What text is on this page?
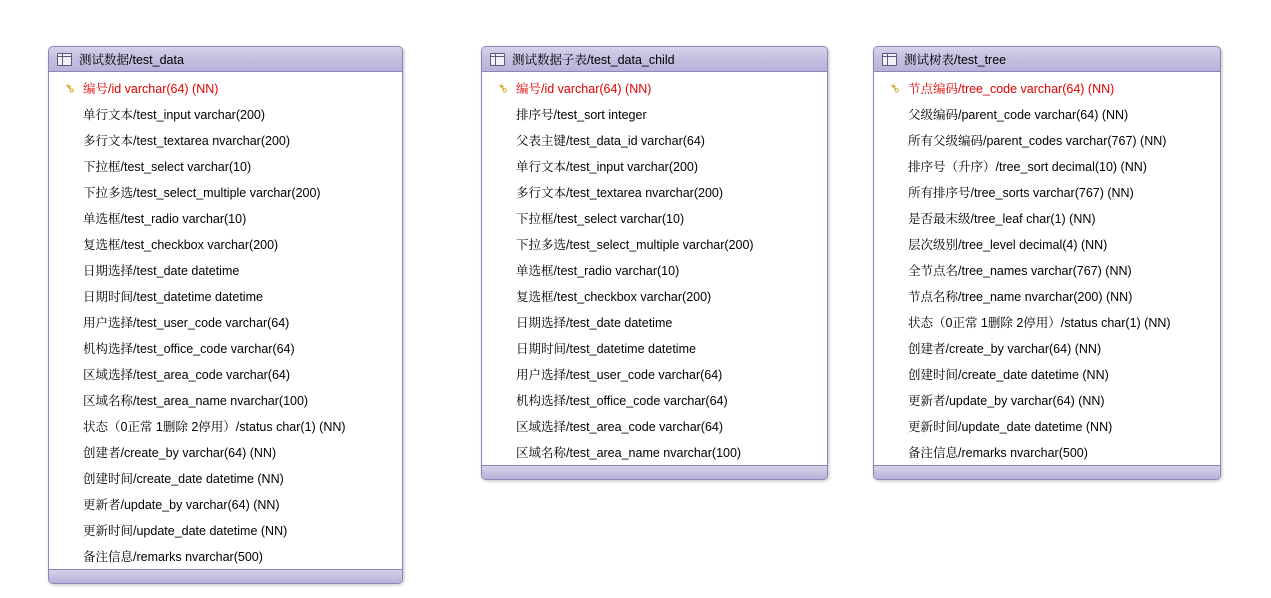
测试数据/test_data
⚷ 编号/id varchar(64) (NN)
单行文本/test_input varchar(200)
多行文本/test_textarea nvarchar(200)
下拉框/test_select varchar(10)
下拉多选/test_select_multiple varchar(200)
单选框/test_radio varchar(10)
复选框/test_checkbox varchar(200)
日期选择/test_date datetime
日期时间/test_datetime datetime
用户选择/test_user_code varchar(64)
机构选择/test_office_code varchar(64)
区域选择/test_area_code varchar(64)
区域名称/test_area_name nvarchar(100)
状态（0正常 1删除 2停用）/status char(1) (NN)
创建者/create_by varchar(64) (NN)
创建时间/create_date datetime (NN)
更新者/update_by varchar(64) (NN)
更新时间/update_date datetime (NN)
备注信息/remarks nvarchar(500)
测试数据子表/test_data_child
⚷ 编号/id varchar(64) (NN)
排序号/test_sort integer
父表主键/test_data_id varchar(64)
单行文本/test_input varchar(200)
多行文本/test_textarea nvarchar(200)
下拉框/test_select varchar(10)
下拉多选/test_select_multiple varchar(200)
单选框/test_radio varchar(10)
复选框/test_checkbox varchar(200)
日期选择/test_date datetime
日期时间/test_datetime datetime
用户选择/test_user_code varchar(64)
机构选择/test_office_code varchar(64)
区域选择/test_area_code varchar(64)
区域名称/test_area_name nvarchar(100)
测试树表/test_tree
⚷ 节点编码/tree_code varchar(64) (NN)
父级编码/parent_code varchar(64) (NN)
所有父级编码/parent_codes varchar(767) (NN)
排序号（升序）/tree_sort decimal(10) (NN)
所有排序号/tree_sorts varchar(767) (NN)
是否最末级/tree_leaf char(1) (NN)
层次级别/tree_level decimal(4) (NN)
全节点名/tree_names varchar(767) (NN)
节点名称/tree_name nvarchar(200) (NN)
状态（0正常 1删除 2停用）/status char(1) (NN)
创建者/create_by varchar(64) (NN)
创建时间/create_date datetime (NN)
更新者/update_by varchar(64) (NN)
更新时间/update_date datetime (NN)
备注信息/remarks nvarchar(500)
